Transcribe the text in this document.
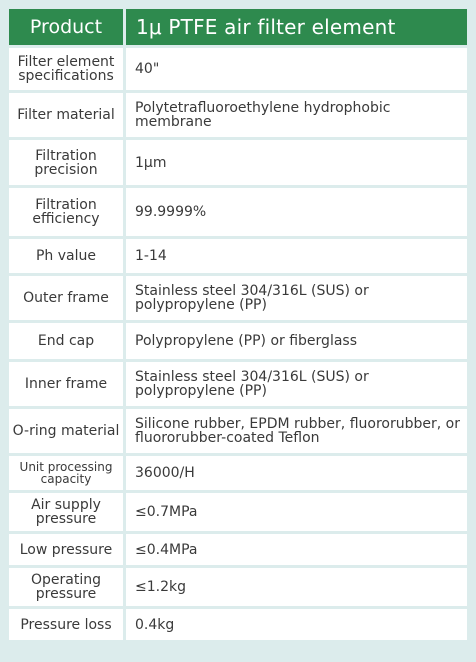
Product	1μ PTFE air filter element
Filter element specifications	40"
Filter material	Polytetrafluoroethylene hydrophobic membrane
Filtration precision	1μm
Filtration efficiency	99.9999%
Ph value	1-14
Outer frame	Stainless steel 304/316L (SUS) or polypropylene (PP)
End cap	Polypropylene (PP) or fiberglass
Inner frame	Stainless steel 304/316L (SUS) or polypropylene (PP)
O-ring material	Silicone rubber, EPDM rubber, fluororubber, or fluororubber-coated Teflon
Unit processing capacity	36000/H
Air supply pressure	≤0.7MPa
Low pressure	≤0.4MPa
Operating pressure	≤1.2kg
Pressure loss	0.4kg
